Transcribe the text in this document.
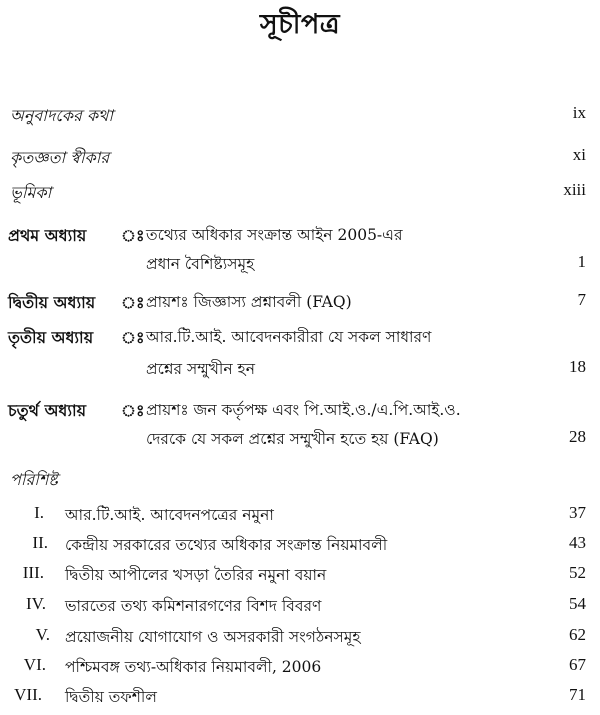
সূচীপত্র
অনুবাদকের কথা	ix
কৃতজ্ঞতা স্বীকার	xi
ভূমিকা	xiii
প্রথম অধ্যায় ঃ তথ্যের অধিকার সংক্রান্ত আইন 2005-এর
প্রধান বৈশিষ্ট্যসমূহ	1
দ্বিতীয় অধ্যায় ঃ প্রায়শঃ জিজ্ঞাস্য প্রশ্নাবলী (FAQ)	7
তৃতীয় অধ্যায় ঃ আর.টি.আই. আবেদনকারীরা যে সকল সাধারণ
প্রশ্নের সম্মুখীন হন	18
চতুর্থ অধ্যায় ঃ প্রায়শঃ জন কর্তৃপক্ষ এবং পি.আই.ও./এ.পি.আই.ও.
দেরকে যে সকল প্রশ্নের সম্মুখীন হতে হয় (FAQ)	28
পরিশিষ্ট
I. আর.টি.আই. আবেদনপত্রের নমুনা	37
II. কেন্দ্রীয় সরকারের তথ্যের অধিকার সংক্রান্ত নিয়মাবলী	43
III. দ্বিতীয় আপীলের খসড়া তৈরির নমুনা বয়ান	52
IV. ভারতের তথ্য কমিশনারগণের বিশদ বিবরণ	54
V. প্রয়োজনীয় যোগাযোগ ও অসরকারী সংগঠনসমূহ	62
VI. পশ্চিমবঙ্গ তথ্য-অধিকার নিয়মাবলী, 2006	67
VII. দ্বিতীয় তফশীল	71
